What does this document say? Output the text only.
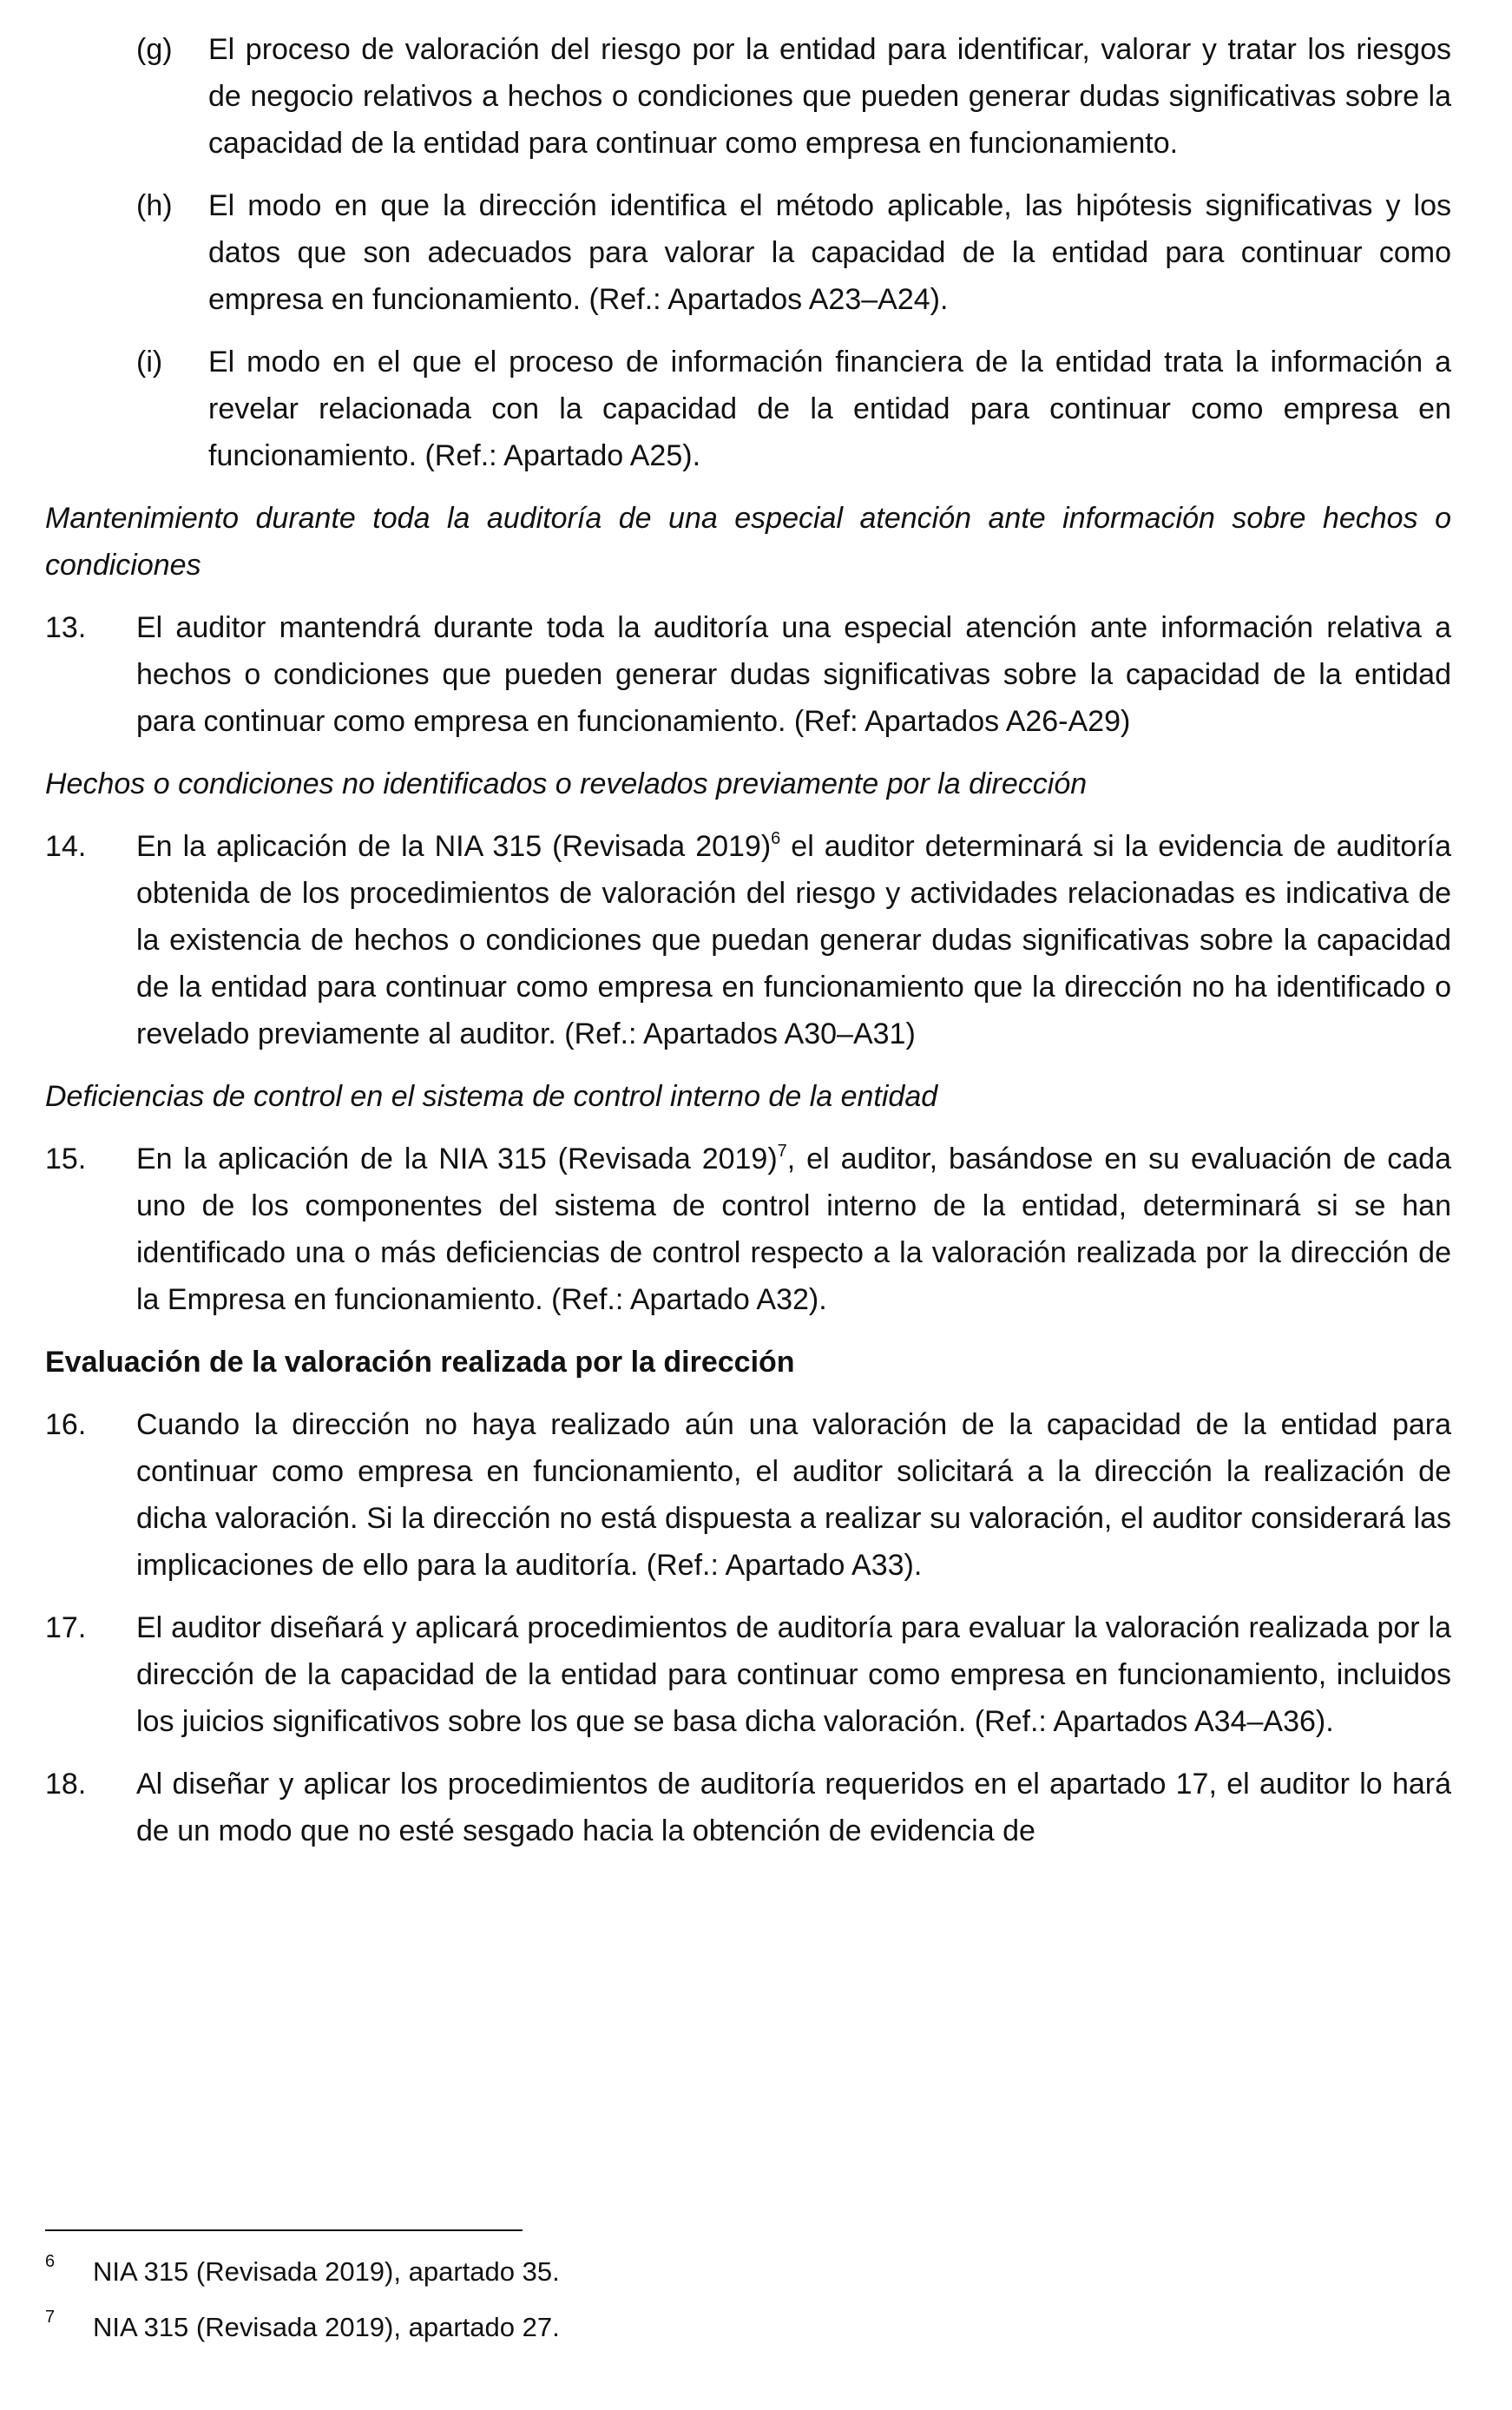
(g)	El proceso de valoración del riesgo por la entidad para identificar, valorar y tratar los riesgos de negocio relativos a hechos o condiciones que pueden generar dudas significativas sobre la capacidad de la entidad para continuar como empresa en funcionamiento.
(h)	El modo en que la dirección identifica el método aplicable, las hipótesis significativas y los datos que son adecuados para valorar la capacidad de la entidad para continuar como empresa en funcionamiento. (Ref.: Apartados A23–A24).
(i)	El modo en el que el proceso de información financiera de la entidad trata la información a revelar relacionada con la capacidad de la entidad para continuar como empresa en funcionamiento. (Ref.: Apartado A25).
Mantenimiento durante toda la auditoría de una especial atención ante información sobre hechos o condiciones
13.	El auditor mantendrá durante toda la auditoría una especial atención ante información relativa a hechos o condiciones que pueden generar dudas significativas sobre la capacidad de la entidad para continuar como empresa en funcionamiento. (Ref: Apartados A26-A29)
Hechos o condiciones no identificados o revelados previamente por la dirección
14.	En la aplicación de la NIA 315 (Revisada 2019)$^6$ el auditor determinará si la evidencia de auditoría obtenida de los procedimientos de valoración del riesgo y actividades relacionadas es indicativa de la existencia de hechos o condiciones que puedan generar dudas significativas sobre la capacidad de la entidad para continuar como empresa en funcionamiento que la dirección no ha identificado o revelado previamente al auditor. (Ref.: Apartados A30–A31)
Deficiencias de control en el sistema de control interno de la entidad
15.	En la aplicación de la NIA 315 (Revisada 2019)$^7$, el auditor, basándose en su evaluación de cada uno de los componentes del sistema de control interno de la entidad, determinará si se han identificado una o más deficiencias de control respecto a la valoración realizada por la dirección de la Empresa en funcionamiento. (Ref.: Apartado A32).
Evaluación de la valoración realizada por la dirección
16.	Cuando la dirección no haya realizado aún una valoración de la capacidad de la entidad para continuar como empresa en funcionamiento, el auditor solicitará a la dirección la realización de dicha valoración. Si la dirección no está dispuesta a realizar su valoración, el auditor considerará las implicaciones de ello para la auditoría. (Ref.: Apartado A33).
17.	El auditor diseñará y aplicará procedimientos de auditoría para evaluar la valoración realizada por la dirección de la capacidad de la entidad para continuar como empresa en funcionamiento, incluidos los juicios significativos sobre los que se basa dicha valoración. (Ref.: Apartados A34–A36).
18.	Al diseñar y aplicar los procedimientos de auditoría requeridos en el apartado 17, el auditor lo hará de un modo que no esté sesgado hacia la obtención de evidencia de
6	NIA 315 (Revisada 2019), apartado 35.
7	NIA 315 (Revisada 2019), apartado 27.
